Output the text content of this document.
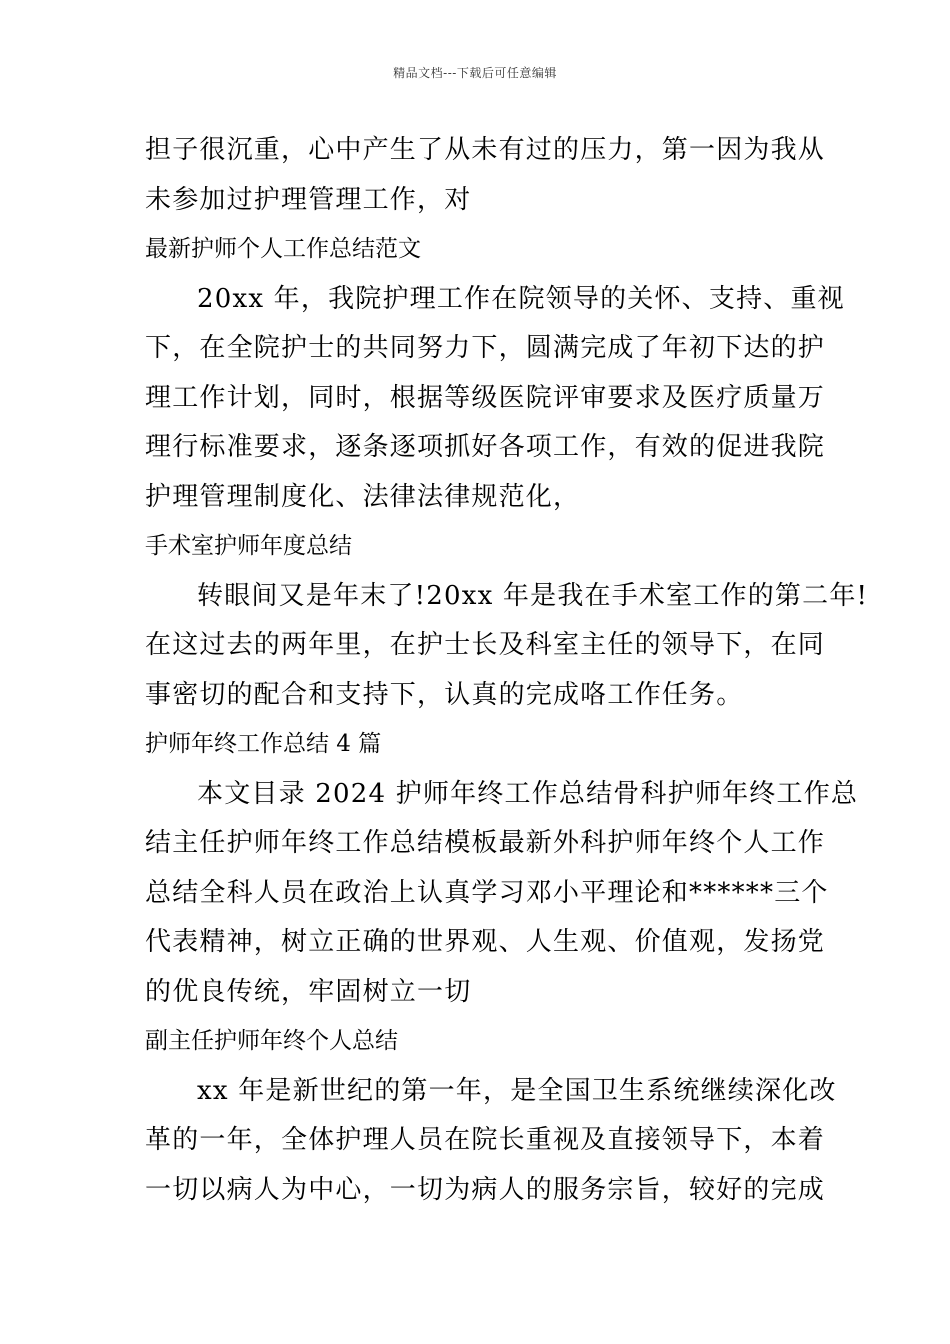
精品文档---下载后可任意编辑
担子很沉重，心中产生了从未有过的压力，第一因为我从
未参加过护理管理工作，对
最新护师个人工作总结范文
20xx 年，我院护理工作在院领导的关怀、支持、重视
下，在全院护士的共同努力下，圆满完成了年初下达的护
理工作计划，同时，根据等级医院评审要求及医疗质量万
理行标准要求，逐条逐项抓好各项工作，有效的促进我院
护理管理制度化、法律法律规范化，
手术室护师年度总结
转眼间又是年末了!20xx 年是我在手术室工作的第二年!
在这过去的两年里，在护士长及科室主任的领导下，在同
事密切的配合和支持下，认真的完成咯工作任务。
护师年终工作总结 4 篇
本文目录 2024 护师年终工作总结骨科护师年终工作总
结主任护师年终工作总结模板最新外科护师年终个人工作
总结全科人员在政治上认真学习邓小平理论和******三个
代表精神，树立正确的世界观、人生观、价值观，发扬党
的优良传统，牢固树立一切
副主任护师年终个人总结
xx 年是新世纪的第一年，是全国卫生系统继续深化改
革的一年，全体护理人员在院长重视及直接领导下，本着
一切以病人为中心，一切为病人的服务宗旨，较好的完成
